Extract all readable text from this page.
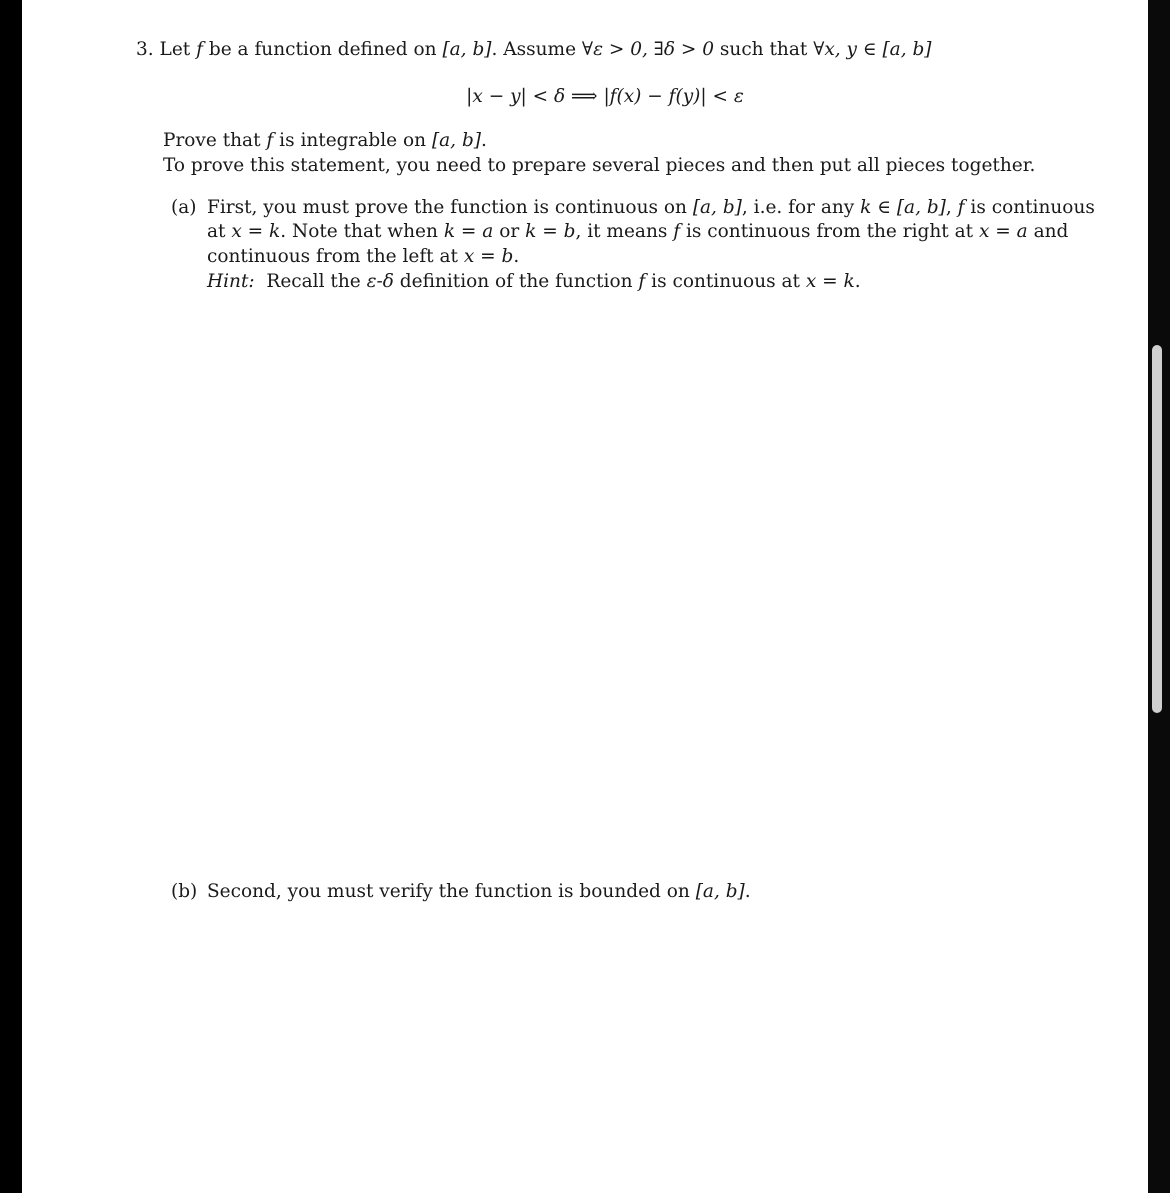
3. Let f be a function defined on [a, b]. Assume ∀ε > 0, ∃δ > 0 such that ∀x, y ∈ [a, b]
|x − y| < δ ⟹ |f(x) − f(y)| < ε
Prove that f is integrable on [a, b].
To prove this statement, you need to prepare several pieces and then put all pieces together.
(a) First, you must prove the function is continuous on [a, b], i.e. for any k ∈ [a, b], f is continuous
at x = k. Note that when k = a or k = b, it means f is continuous from the right at x = a and
continuous from the left at x = b.
Hint: Recall the ε-δ definition of the function f is continuous at x = k.
(b) Second, you must verify the function is bounded on [a, b].
